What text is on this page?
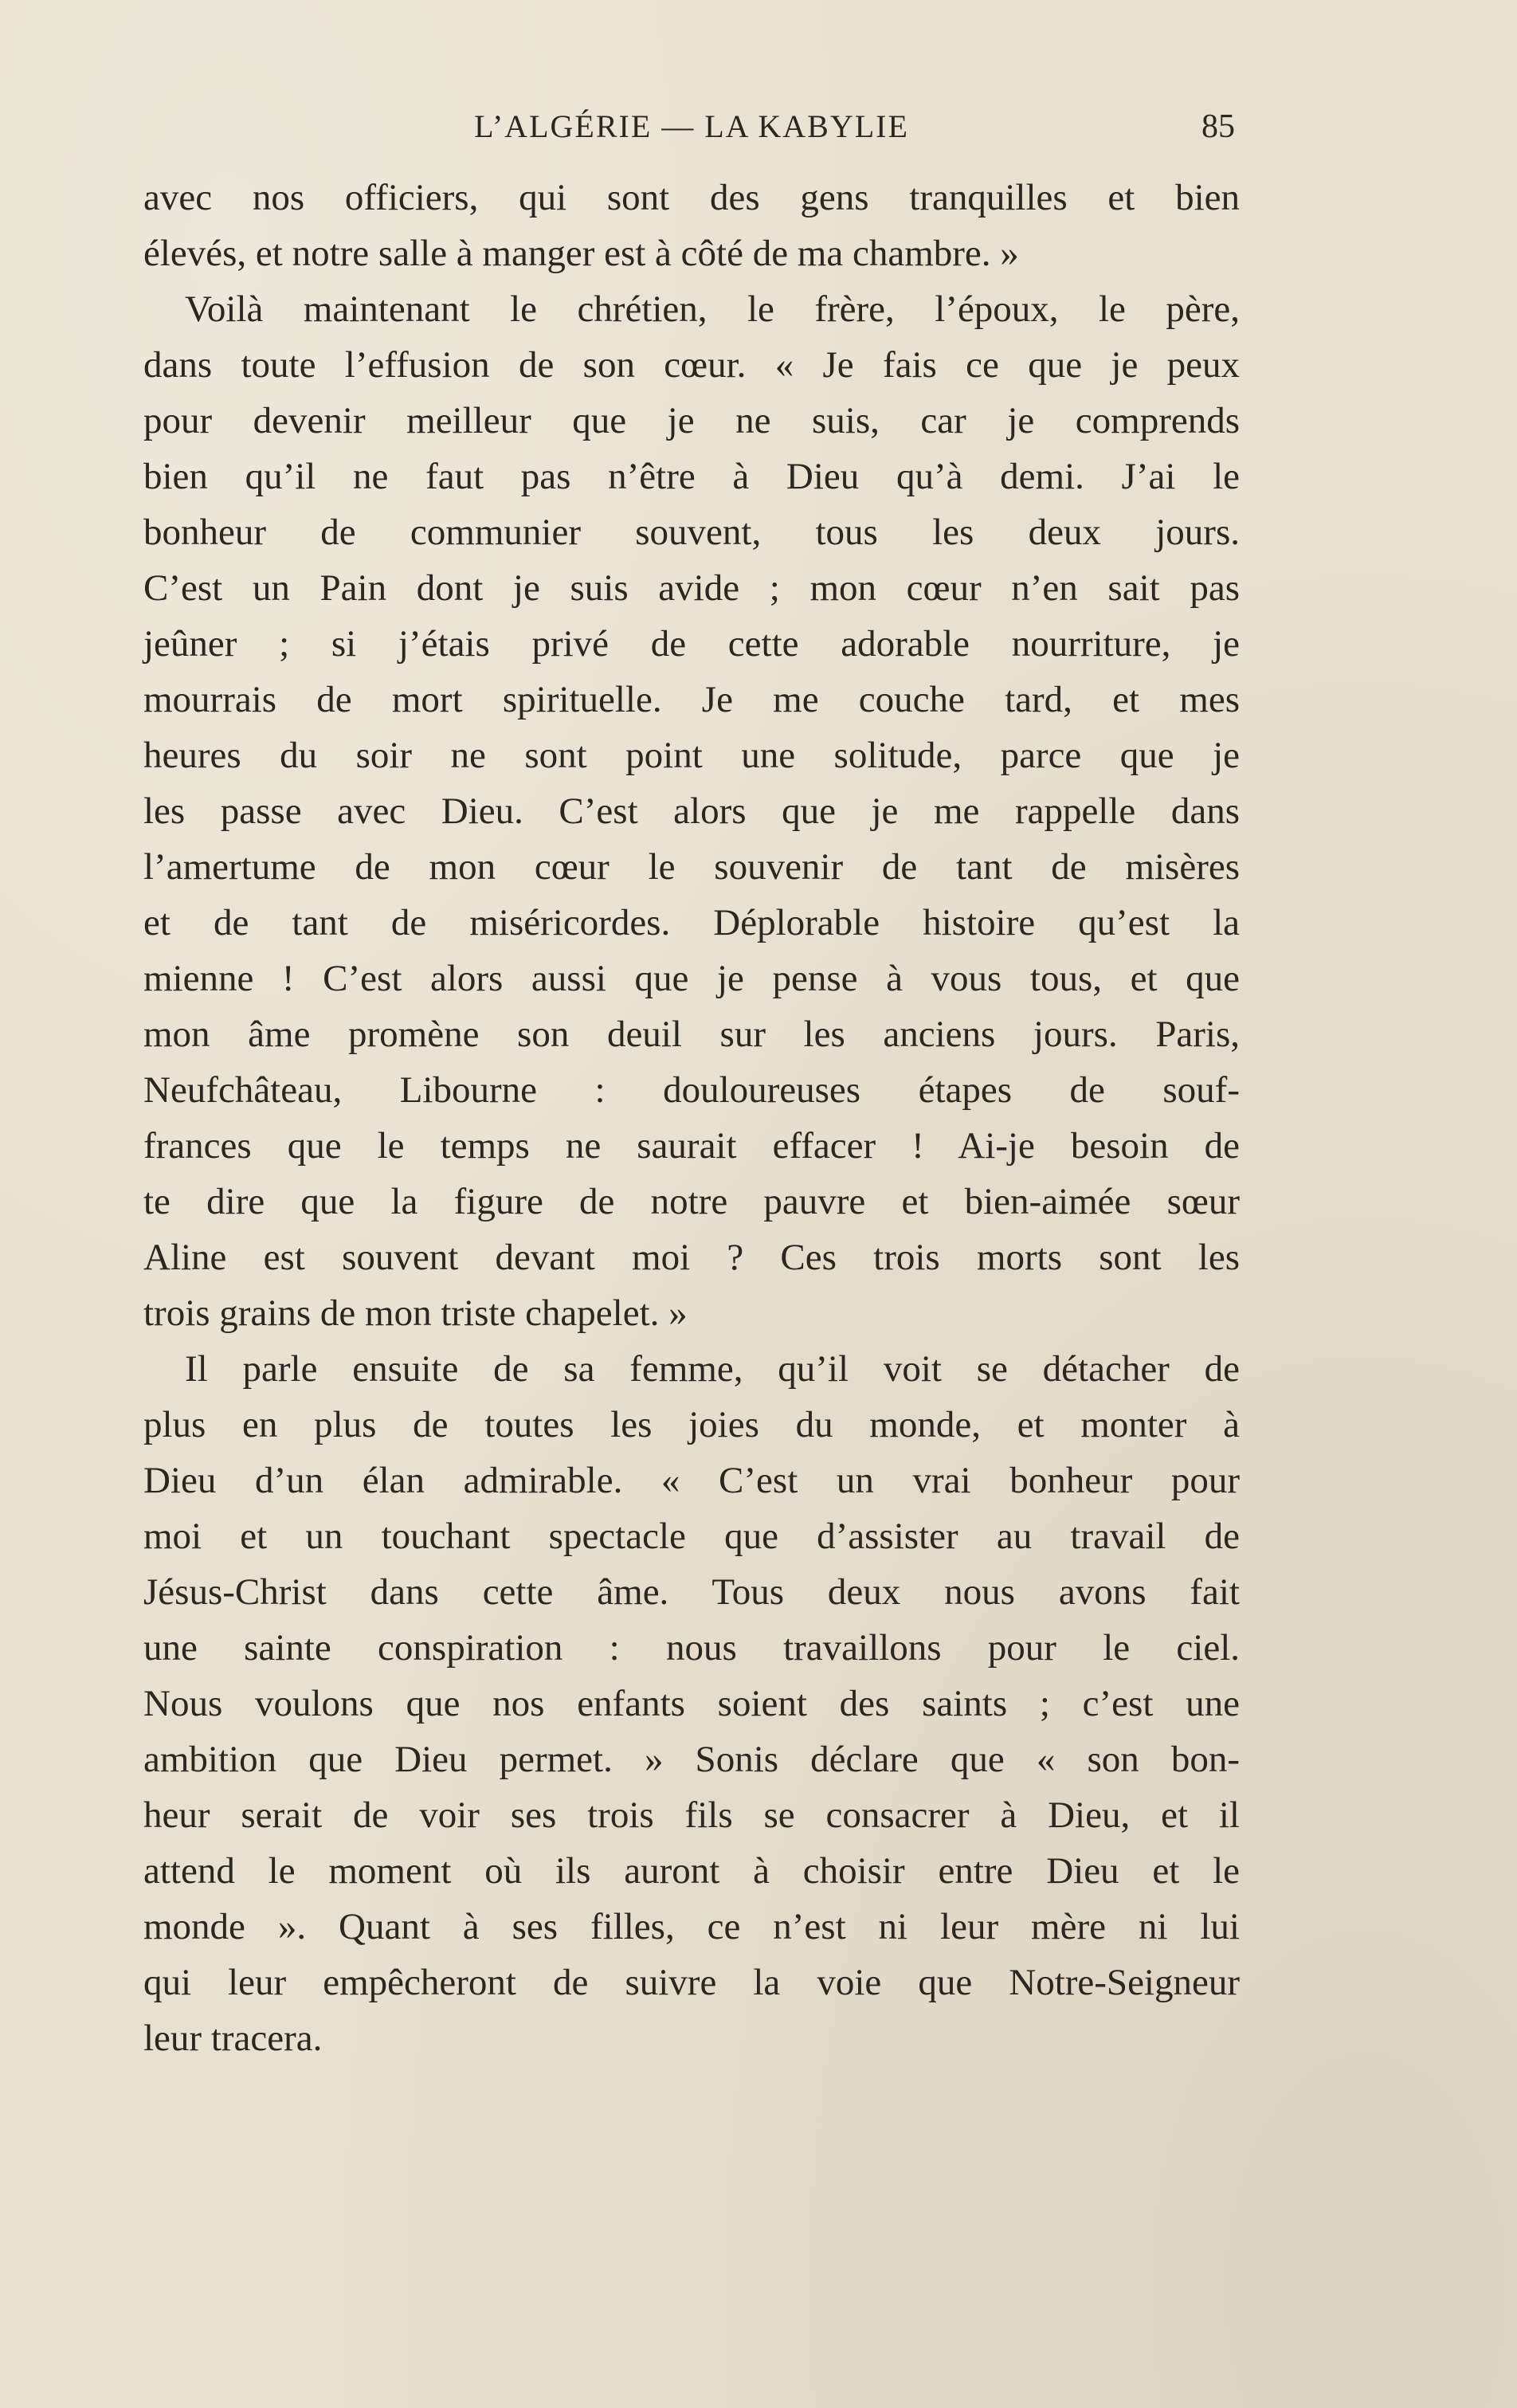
L’ALGÉRIE — LA KABYLIE	85
avec nos officiers, qui sont des gens tranquilles et bien
élevés, et notre salle à manger est à côté de ma chambre. »
Voilà maintenant le chrétien, le frère, l’époux, le père,
dans toute l’effusion de son cœur. « Je fais ce que je peux
pour devenir meilleur que je ne suis, car je comprends
bien qu’il ne faut pas n’être à Dieu qu’à demi. J’ai le
bonheur de communier souvent, tous les deux jours.
C’est un Pain dont je suis avide ; mon cœur n’en sait pas
jeûner ; si j’étais privé de cette adorable nourriture, je
mourrais de mort spirituelle. Je me couche tard, et mes
heures du soir ne sont point une solitude, parce que je
les passe avec Dieu. C’est alors que je me rappelle dans
l’amertume de mon cœur le souvenir de tant de misères
et de tant de miséricordes. Déplorable histoire qu’est la
mienne ! C’est alors aussi que je pense à vous tous, et que
mon âme promène son deuil sur les anciens jours. Paris,
Neufchâteau, Libourne : douloureuses étapes de souf-
frances que le temps ne saurait effacer ! Ai-je besoin de
te dire que la figure de notre pauvre et bien-aimée sœur
Aline est souvent devant moi ? Ces trois morts sont les
trois grains de mon triste chapelet. »
Il parle ensuite de sa femme, qu’il voit se détacher de
plus en plus de toutes les joies du monde, et monter à
Dieu d’un élan admirable. « C’est un vrai bonheur pour
moi et un touchant spectacle que d’assister au travail de
Jésus-Christ dans cette âme. Tous deux nous avons fait
une sainte conspiration : nous travaillons pour le ciel.
Nous voulons que nos enfants soient des saints ; c’est une
ambition que Dieu permet. » Sonis déclare que « son bon-
heur serait de voir ses trois fils se consacrer à Dieu, et il
attend le moment où ils auront à choisir entre Dieu et le
monde ». Quant à ses filles, ce n’est ni leur mère ni lui
qui leur empêcheront de suivre la voie que Notre-Seigneur
leur tracera.
